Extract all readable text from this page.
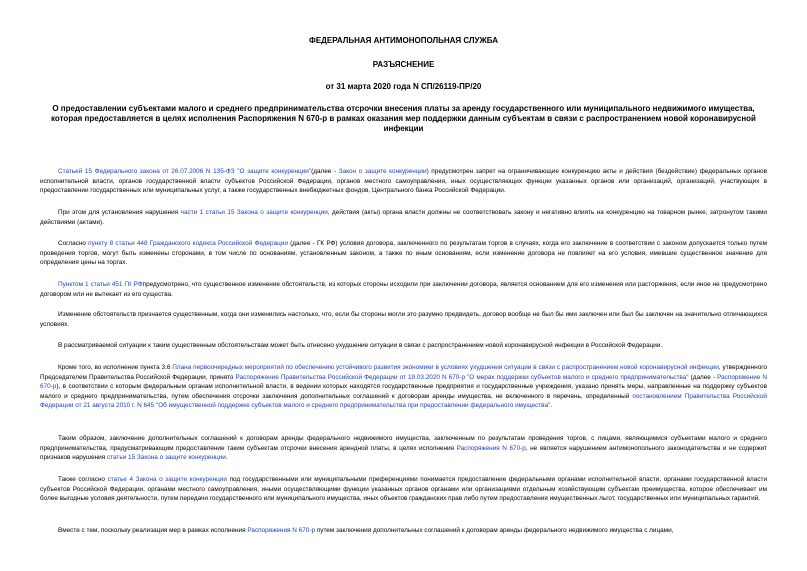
ФЕДЕРАЛЬНАЯ АНТИМОНОПОЛЬНАЯ СЛУЖБА

РАЗЪЯСНЕНИЕ

от 31 марта 2020 года N СП/26119-ПР/20

О предоставлении субъектами малого и среднего предпринимательства отсрочки внесения платы за аренду государственного или муниципального недвижимого имущества, которая предоставляется в целях исполнения Распоряжения N 670-р в рамках оказания мер поддержки данным субъектам в связи с распространением новой коронавирусной инфекции

Статьей 15 Федерального закона от 26.07.2006 N 135-ФЗ "О защите конкуренции"(далее - Закон о защите конкуренции) предусмотрен запрет на ограничивающие конкуренцию акты и действия (бездействие) федеральных органов исполнительной власти, органов государственной власти субъектов Российской Федерации, органов местного самоуправления, иных осуществляющих функции указанных органов или организаций, организаций, участвующих в предоставлении государственных или муниципальных услуг, а также государственных внебюджетных фондов, Центрального банка Российской Федерации.

При этом для установления нарушения части 1 статьи 15 Закона о защите конкуренции, действия (акты) органа власти должны не соответствовать закону и негативно влиять на конкуренцию на товарном рынке, затронутом такими действиями (актами).

Согласно пункту 8 статьи 448 Гражданского кодекса Российской Федерации (далее - ГК РФ) условия договора, заключенного по результатам торгов в случаях, когда его заключение в соответствии с законом допускается только путем проведения торгов, могут быть изменены сторонами, в том числе по основаниям, установленным законом, а также по иным основаниям, если изменение договора не повлияет на его условия, имевшие существенное значение для определения цены на торгах.

Пунктом 1 статьи 451 ГК РФпредусмотрено, что существенное изменение обстоятельств, из которых стороны исходили при заключении договора, является основанием для его изменения или расторжения, если иное не предусмотрено договором или не вытекает из его существа.

Изменение обстоятельств признается существенным, когда они изменились настолько, что, если бы стороны могли это разумно предвидеть, договор вообще не был бы ими заключен или был бы заключен на значительно отличающихся условиях.

В рассматриваемой ситуации к таким существенным обстоятельствам может быть отнесено ухудшение ситуации в связи с распространением новой коронавирусной инфекции в Российской Федерации.

Кроме того, во исполнение пункта 3.6 Плана первоочередных мероприятий по обеспечению устойчивого развития экономики в условиях ухудшения ситуации в связи с распространением новой коронавирусной инфекции, утвержденного Председателем Правительства Российской Федерации, принято Распоряжение Правительства Российской Федерации от 19.03.2020 N 670-р "О мерах поддержки субъектов малого и среднего предпринимательства" (далее - Распоряжение N 670-р), в соответствии с которым федеральным органам исполнительной власти, в ведении которых находятся государственные предприятия и государственные учреждения, указано принять меры, направленные на поддержку субъектов малого и среднего предпринимательства, путем обеспечения отсрочки заключения дополнительных соглашений к договорам аренды имущества, не включенного в перечень, определенный постановлением Правительства Российской Федерации от 21 августа 2010 г. N 645 "Об имущественной поддержке субъектов малого и среднего предпринимательства при предоставлении федерального имущества".

Таким образом, заключение дополнительных соглашений к договорам аренды федерального недвижимого имущества, заключенным по результатам проведения торгов, с лицами, являющимися субъектами малого и среднего предпринимательства, предусматривающим предоставление таким субъектам отсрочки внесения арендной платы, в целях исполнения Распоряжения N 670-р, не является нарушением антимонопольного законодательства и не содержит признаков нарушения статьи 15 Закона о защите конкуренции.

Также согласно статье 4 Закона о защите конкуренции под государственными или муниципальными преференциями понимается предоставление федеральными органами исполнительной власти, органами государственной власти субъектов Российской Федерации, органами местного самоуправления, иными осуществляющими функции указанных органов органами или организациями отдельным хозяйствующим субъектам преимущества, которое обеспечивает им более выгодные условия деятельности, путем передачи государственного или муниципального имущества, иных объектов гражданских прав либо путем предоставления имущественных льгот, государственных или муниципальных гарантий.

Вместе с тем, поскольку реализация мер в рамках исполнения Распоряжения N 670-р путем заключения дополнительных соглашений к договорам аренды федерального недвижимого имущества с лицами,
